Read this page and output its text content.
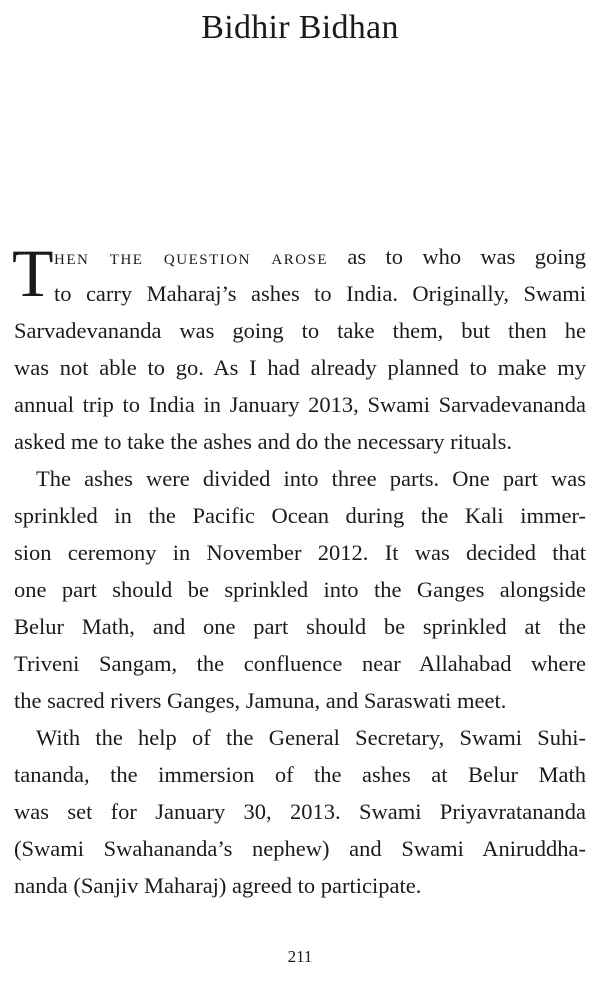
Bidhir Bidhan
T hen the question arose as to who was going
to carry Maharaj’s ashes to India. Originally, Swami
Sarvadevananda was going to take them, but then he
was not able to go. As I had already planned to make my
annual trip to India in January 2013, Swami Sarvadevananda
asked me to take the ashes and do the necessary rituals.
The ashes were divided into three parts. One part was
sprinkled in the Pacific Ocean during the Kali immer-
sion ceremony in November 2012. It was decided that
one part should be sprinkled into the Ganges alongside
Belur Math, and one part should be sprinkled at the
Triveni Sangam, the confluence near Allahabad where
the sacred rivers Ganges, Jamuna, and Saraswati meet.
With the help of the General Secretary, Swami Suhi-
tananda, the immersion of the ashes at Belur Math
was set for January 30, 2013. Swami Priyavratananda
(Swami Swahananda’s nephew) and Swami Aniruddha-
nanda (Sanjiv Maharaj) agreed to participate.
211
